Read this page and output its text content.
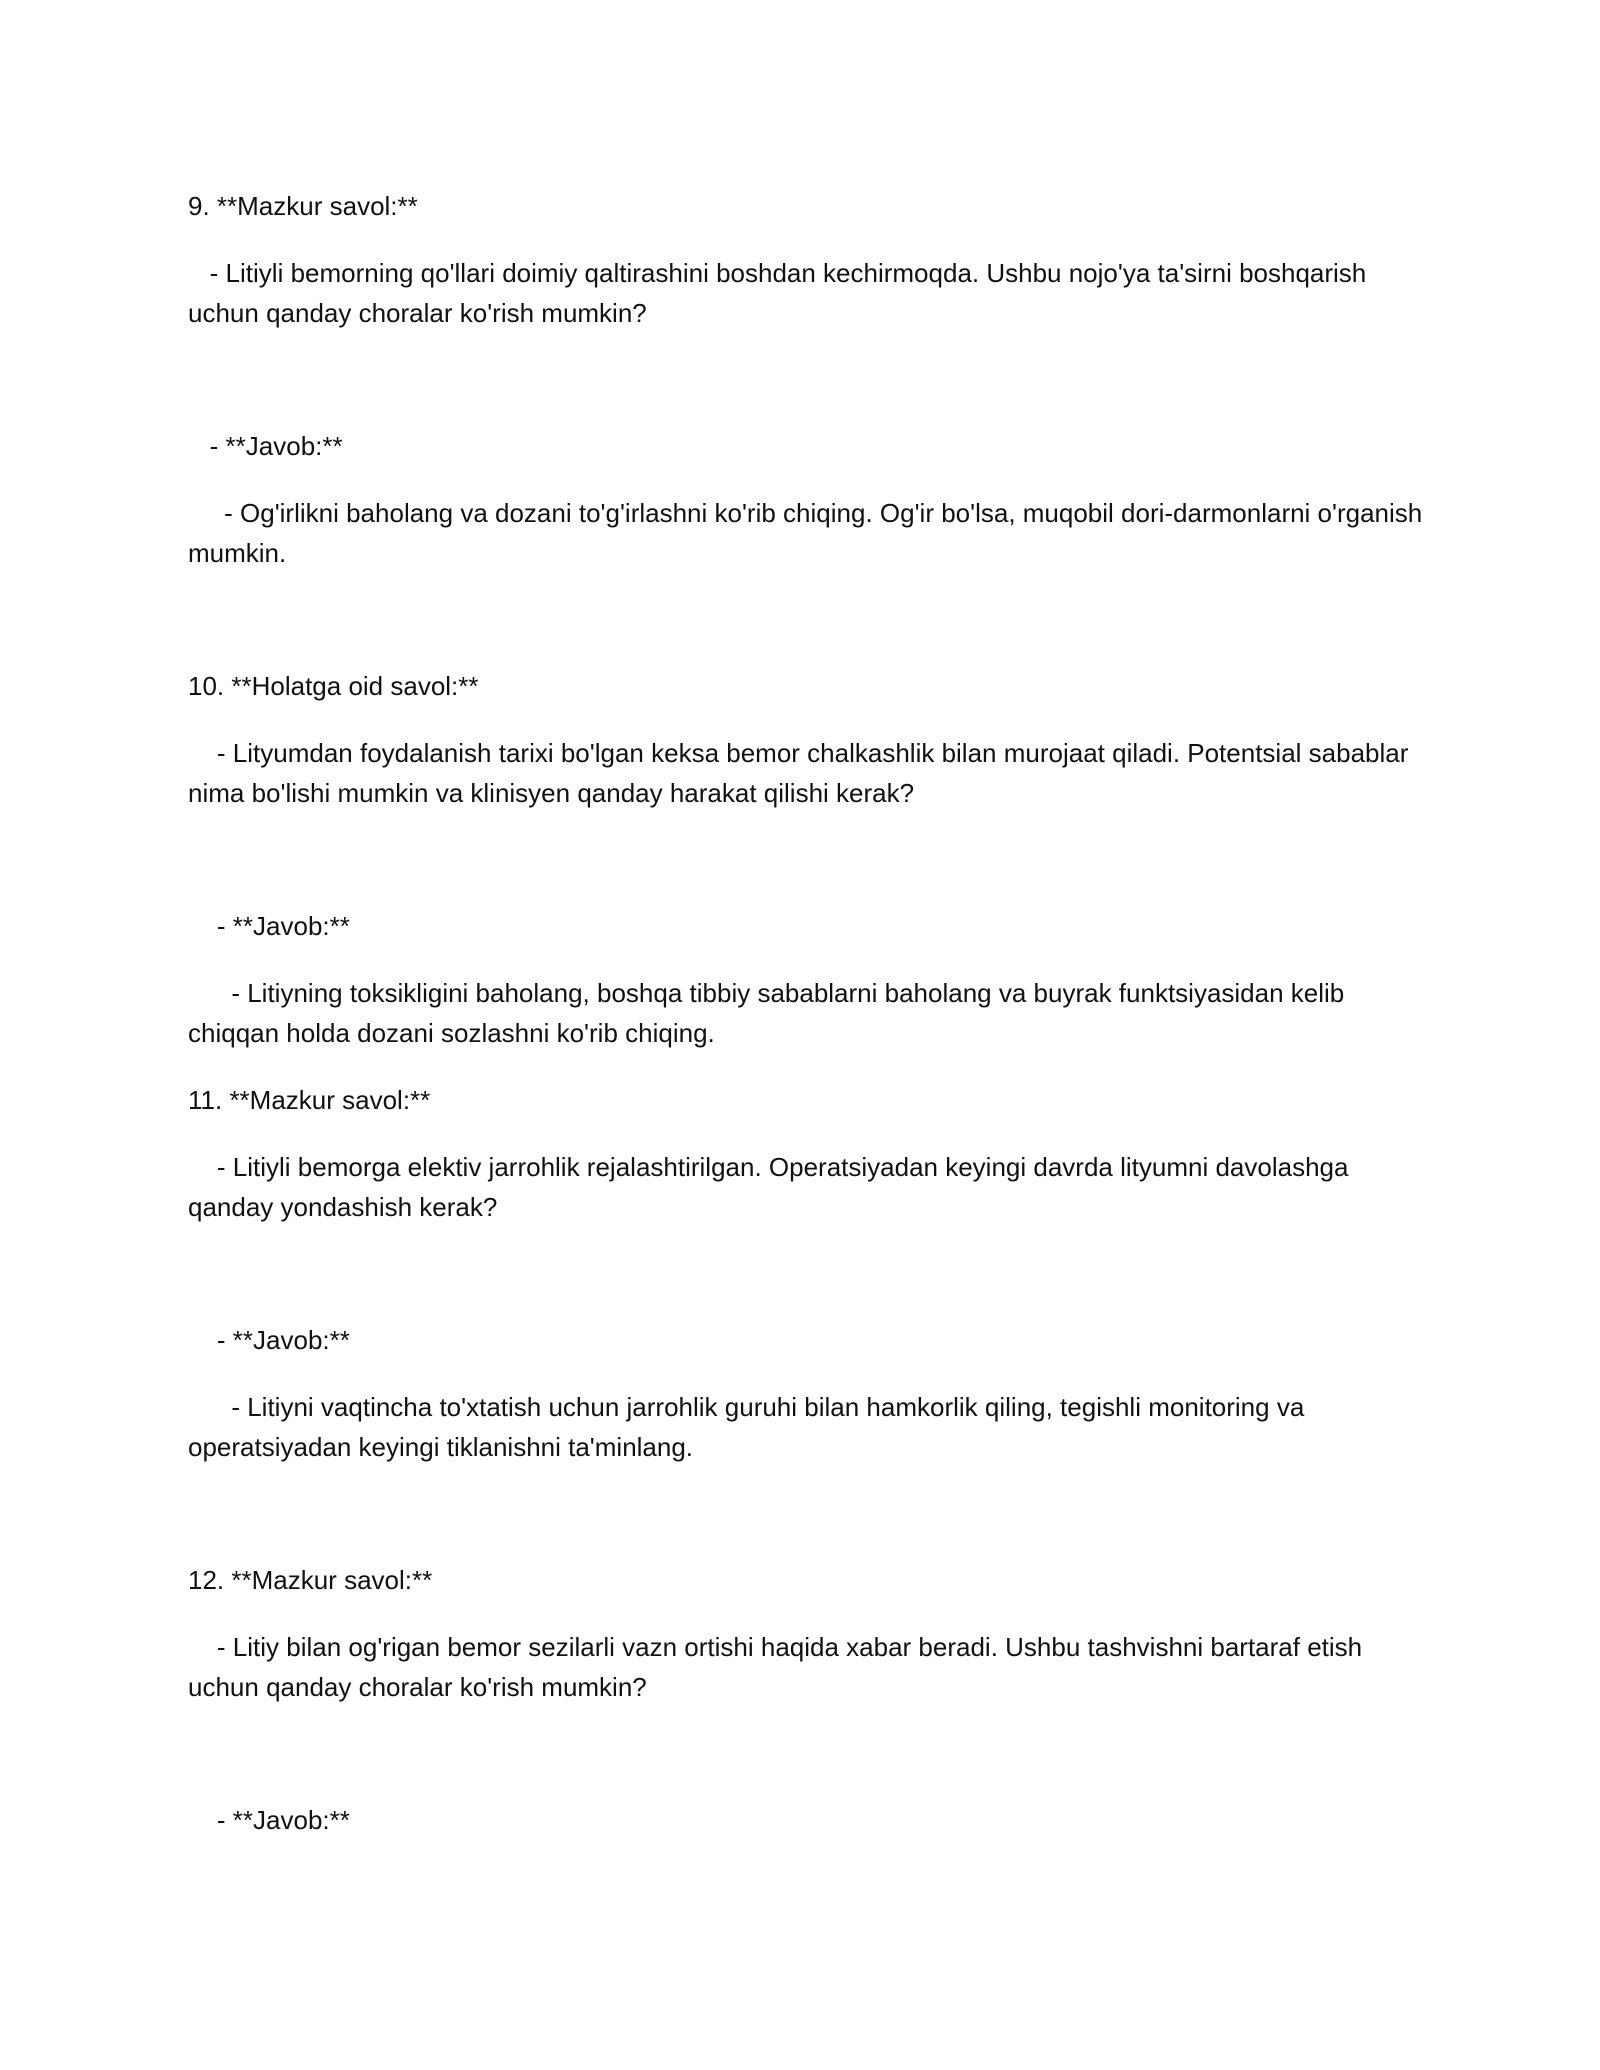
9. **Mazkur savol:**

- Litiyli bemorning qo'llari doimiy qaltirashini boshdan kechirmoqda. Ushbu nojo'ya ta'sirni boshqarish uchun qanday choralar ko'rish mumkin?

- **Javob:**

- Og'irlikni baholang va dozani to'g'irlashni ko'rib chiqing. Og'ir bo'lsa, muqobil dori-darmonlarni o'rganish mumkin.

10. **Holatga oid savol:**

- Lityumdan foydalanish tarixi bo'lgan keksa bemor chalkashlik bilan murojaat qiladi. Potentsial sabablar nima bo'lishi mumkin va klinisyen qanday harakat qilishi kerak?

- **Javob:**

- Litiyning toksikligini baholang, boshqa tibbiy sabablarni baholang va buyrak funktsiyasidan kelib chiqqan holda dozani sozlashni ko'rib chiqing.

11. **Mazkur savol:**

- Litiyli bemorga elektiv jarrohlik rejalashtirilgan. Operatsiyadan keyingi davrda lityumni davolashga qanday yondashish kerak?

- **Javob:**

- Litiyni vaqtincha to'xtatish uchun jarrohlik guruhi bilan hamkorlik qiling, tegishli monitoring va operatsiyadan keyingi tiklanishni ta'minlang.

12. **Mazkur savol:**

- Litiy bilan og'rigan bemor sezilarli vazn ortishi haqida xabar beradi. Ushbu tashvishni bartaraf etish uchun qanday choralar ko'rish mumkin?

- **Javob:**
